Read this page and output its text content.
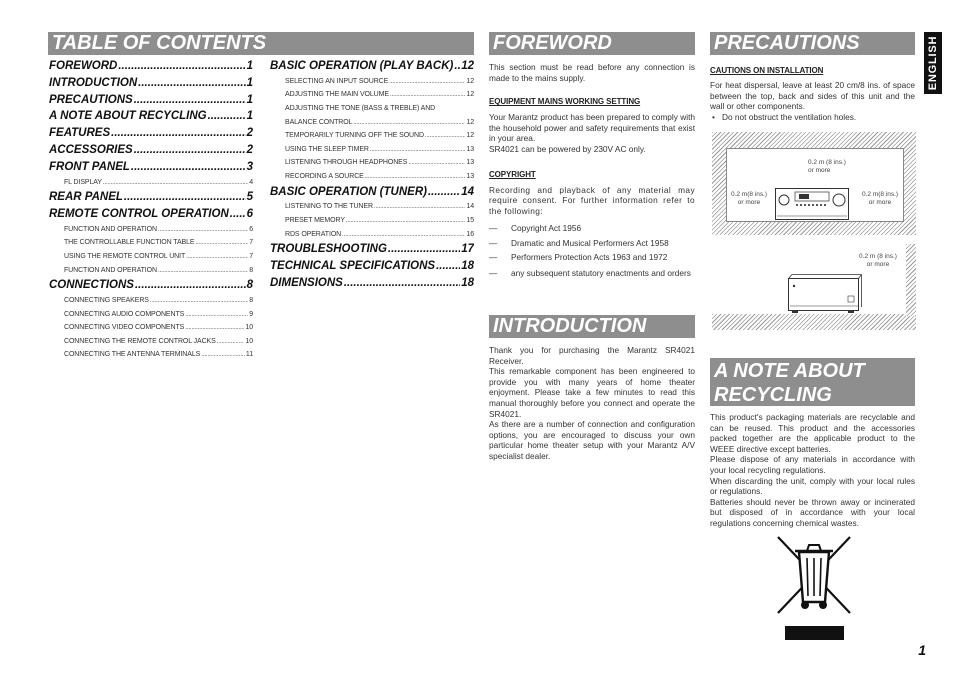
TABLE OF CONTENTS
FOREWORD .....	1
INTRODUCTION .....	1
PRECAUTIONS .....	1
A NOTE ABOUT RECYCLING .....	1
FEATURES .....	2
ACCESSORIES .....	2
FRONT PANEL .....	3
FL DISPLAY .....	4
REAR PANEL .....	5
REMOTE CONTROL OPERATION ..... 6
FUNCTION AND OPERATION .....	6
THE CONTROLLABLE FUNCTION TABLE .....	7
USING THE REMOTE CONTROL UNIT .....	7
FUNCTION AND OPERATION .....	8
CONNECTIONS .....	8
CONNECTING SPEAKERS .....	8
CONNECTING AUDIO COMPONENTS .....	9
CONNECTING VIDEO COMPONENTS .....	10
CONNECTING THE REMOTE CONTROL JACKS .....	10
CONNECTING THE ANTENNA TERMINALS .....	11
BASIC OPERATION (PLAY BACK) ..... 12
SELECTING AN INPUT SOURCE .....	12
ADJUSTING THE MAIN VOLUME .....	12
ADJUSTING THE TONE (BASS & TREBLE) AND
BALANCE CONTROL .....	12
TEMPORARILY TURNING OFF THE SOUND .....	12
USING THE SLEEP TIMER .....	13
LISTENING THROUGH HEADPHONES .....	13
RECORDING A SOURCE .....	13
BASIC OPERATION (TUNER) .....	14
LISTENING TO THE TUNER .....	14
PRESET MEMORY .....	15
RDS OPERATION .....	16
TROUBLESHOOTING .....	17
TECHNICAL SPECIFICATIONS ..... 18
DIMENSIONS .....	18
FOREWORD
This section must be read before any connection is made to the mains supply.
EQUIPMENT MAINS WORKING SETTING
Your Marantz product has been prepared to comply with the household power and safety requirements that exist in your area.
SR4021 can be powered by 230V AC only.
COPYRIGHT
Recording and playback of any material may require consent. For further information refer to the following:
—	Copyright Act 1956
—	Dramatic and Musical Performers Act 1958
—	Performers Protection Acts 1963 and 1972
—	any subsequent statutory enactments and orders
INTRODUCTION
Thank you for purchasing the Marantz SR4021 Receiver.
This remarkable component has been engineered to provide you with many years of home theater enjoyment. Please take a few minutes to read this manual thoroughly before you connect and operate the SR4021.
As there are a number of connection and configuration options, you are encouraged to discuss your own particular home theater setup with your Marantz A/V specialist dealer.
PRECAUTIONS
CAUTIONS ON INSTALLATION
For heat dispersal, leave at least 20 cm/8 ins. of space between the top, back and sides of this unit and the wall or other components.
• Do not obstruct the ventilation holes.
0.2 m (8 ins.)
or more
0.2 m(8 ins.)
or more
0.2 m(8 ins.)
or more
0.2 m (8 ins.)
or more
A NOTE ABOUT
RECYCLING
This product's packaging materials are recyclable and can be reused. This product and the accessories packed together are the applicable product to the WEEE directive except batteries.
Please dispose of any materials in accordance with your local recycling regulations.
When discarding the unit, comply with your local rules or regulations.
Batteries should never be thrown away or incinerated but disposed of in accordance with your local regulations concerning chemical wastes.
ENGLISH
1
